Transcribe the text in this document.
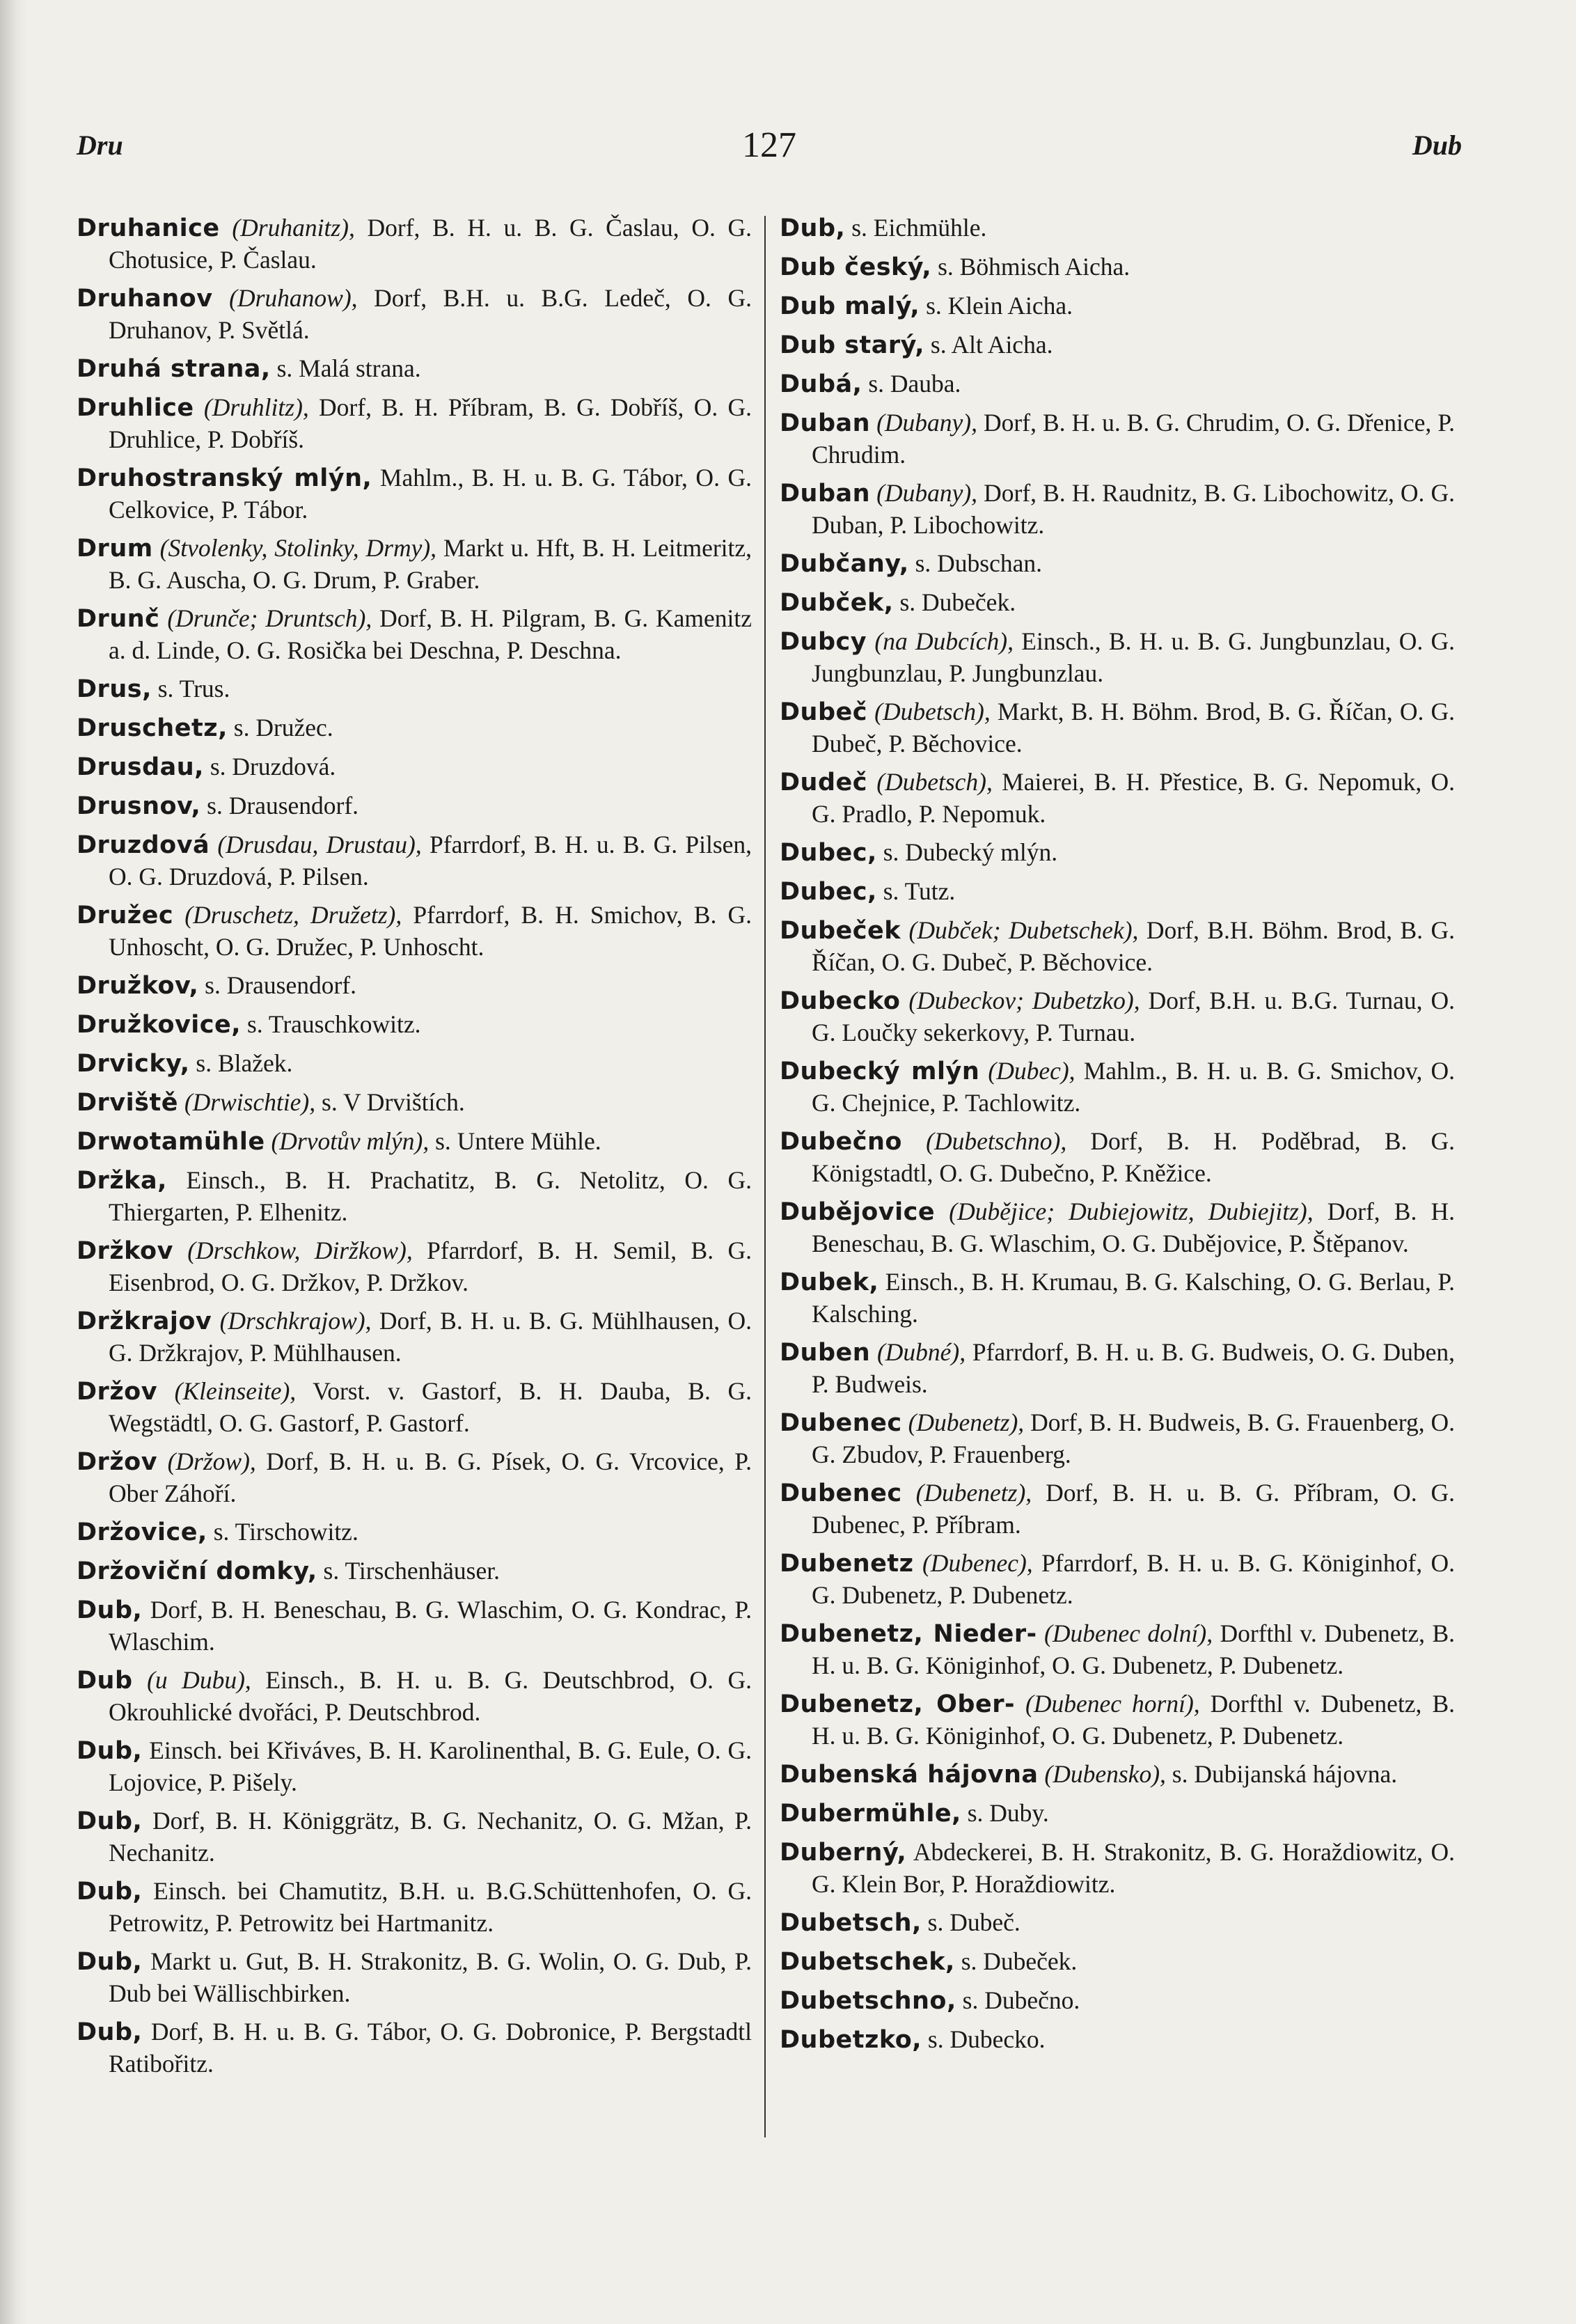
Dru	127	Dub
Druhanice (Druhanitz), Dorf, B. H. u. B. G. Časlau, O. G. Chotusice, P. Časlau.
Druhanov (Druhanow), Dorf, B.H. u. B.G. Ledeč, O. G. Druhanov, P. Světlá.
Druhá strana, s. Malá strana.
Druhlice (Druhlitz), Dorf, B. H. Příbram, B. G. Dobříš, O. G. Druhlice, P. Dobříš.
Druhostranský mlýn, Mahlm., B. H. u. B. G. Tábor, O. G. Celkovice, P. Tábor.
Drum (Stvolenky, Stolinky, Drmy), Markt u. Hft, B. H. Leitmeritz, B. G. Auscha, O. G. Drum, P. Graber.
Drunč (Drunče; Druntsch), Dorf, B. H. Pilgram, B. G. Kamenitz a. d. Linde, O. G. Rosička bei Deschna, P. Deschna.
Drus, s. Trus.
Druschetz, s. Družec.
Drusdau, s. Druzdová.
Drusnov, s. Drausendorf.
Druzdová (Drusdau, Drustau), Pfarrdorf, B. H. u. B. G. Pilsen, O. G. Druzdová, P. Pilsen.
Družec (Druschetz, Družetz), Pfarrdorf, B. H. Smichov, B. G. Unhoscht, O. G. Družec, P. Unhoscht.
Družkov, s. Drausendorf.
Družkovice, s. Trauschkowitz.
Drvicky, s. Blažek.
Drviště (Drwischtie), s. V Drvištích.
Drwotamühle (Drvotův mlýn), s. Untere Mühle.
Držka, Einsch., B. H. Prachatitz, B. G. Netolitz, O. G. Thiergarten, P. Elhenitz.
Držkov (Drschkow, Diržkow), Pfarrdorf, B. H. Semil, B. G. Eisenbrod, O. G. Držkov, P. Držkov.
Držkrajov (Drschkrajow), Dorf, B. H. u. B. G. Mühlhausen, O. G. Držkrajov, P. Mühlhausen.
Držov (Kleinseite), Vorst. v. Gastorf, B. H. Dauba, B. G. Wegstädtl, O. G. Gastorf, P. Gastorf.
Držov (Držow), Dorf, B. H. u. B. G. Písek, O. G. Vrcovice, P. Ober Záhoří.
Držovice, s. Tirschowitz.
Držoviční domky, s. Tirschenhäuser.
Dub, Dorf, B. H. Beneschau, B. G. Wlaschim, O. G. Kondrac, P. Wlaschim.
Dub (u Dubu), Einsch., B. H. u. B. G. Deutschbrod, O. G. Okrouhlické dvořáci, P. Deutschbrod.
Dub, Einsch. bei Křiváves, B. H. Karolinenthal, B. G. Eule, O. G. Lojovice, P. Pišely.
Dub, Dorf, B. H. Königgrätz, B. G. Nechanitz, O. G. Mžan, P. Nechanitz.
Dub, Einsch. bei Chamutitz, B.H. u. B.G.Schüttenhofen, O. G. Petrowitz, P. Petrowitz bei Hartmanitz.
Dub, Markt u. Gut, B. H. Strakonitz, B. G. Wolin, O. G. Dub, P. Dub bei Wällischbirken.
Dub, Dorf, B. H. u. B. G. Tábor, O. G. Dobronice, P. Bergstadtl Ratibořitz.
Dub, s. Eichmühle.
Dub český, s. Böhmisch Aicha.
Dub malý, s. Klein Aicha.
Dub starý, s. Alt Aicha.
Dubá, s. Dauba.
Duban (Dubany), Dorf, B. H. u. B. G. Chrudim, O. G. Dřenice, P. Chrudim.
Duban (Dubany), Dorf, B. H. Raudnitz, B. G. Libochowitz, O. G. Duban, P. Libochowitz.
Dubčany, s. Dubschan.
Dubček, s. Dubeček.
Dubcy (na Dubcích), Einsch., B. H. u. B. G. Jungbunzlau, O. G. Jungbunzlau, P. Jungbunzlau.
Dubeč (Dubetsch), Markt, B. H. Böhm. Brod, B. G. Říčan, O. G. Dubeč, P. Běchovice.
Dudeč (Dubetsch), Maierei, B. H. Přestice, B. G. Nepomuk, O. G. Pradlo, P. Nepomuk.
Dubec, s. Dubecký mlýn.
Dubec, s. Tutz.
Dubeček (Dubček; Dubetschek), Dorf, B.H. Böhm. Brod, B. G. Říčan, O. G. Dubeč, P. Běchovice.
Dubecko (Dubeckov; Dubetzko), Dorf, B.H. u. B.G. Turnau, O. G. Loučky sekerkovy, P. Turnau.
Dubecký mlýn (Dubec), Mahlm., B. H. u. B. G. Smichov, O. G. Chejnice, P. Tachlowitz.
Dubečno (Dubetschno), Dorf, B. H. Poděbrad, B. G. Königstadtl, O. G. Dubečno, P. Kněžice.
Dubějovice (Dubějice; Dubiejowitz, Dubiejitz), Dorf, B. H. Beneschau, B. G. Wlaschim, O. G. Dubějovice, P. Štěpanov.
Dubek, Einsch., B. H. Krumau, B. G. Kalsching, O. G. Berlau, P. Kalsching.
Duben (Dubné), Pfarrdorf, B. H. u. B. G. Budweis, O. G. Duben, P. Budweis.
Dubenec (Dubenetz), Dorf, B. H. Budweis, B. G. Frauenberg, O. G. Zbudov, P. Frauenberg.
Dubenec (Dubenetz), Dorf, B. H. u. B. G. Příbram, O. G. Dubenec, P. Příbram.
Dubenetz (Dubenec), Pfarrdorf, B. H. u. B. G. Königinhof, O. G. Dubenetz, P. Dubenetz.
Dubenetz, Nieder- (Dubenec dolní), Dorfthl v. Dubenetz, B. H. u. B. G. Königinhof, O. G. Dubenetz, P. Dubenetz.
Dubenetz, Ober- (Dubenec horní), Dorfthl v. Dubenetz, B. H. u. B. G. Königinhof, O. G. Dubenetz, P. Dubenetz.
Dubenská hájovna (Dubensko), s. Dubijanská hájovna.
Dubermühle, s. Duby.
Duberný, Abdeckerei, B. H. Strakonitz, B. G. Horaždiowitz, O. G. Klein Bor, P. Horaždiowitz.
Dubetsch, s. Dubeč.
Dubetschek, s. Dubeček.
Dubetschno, s. Dubečno.
Dubetzko, s. Dubecko.
